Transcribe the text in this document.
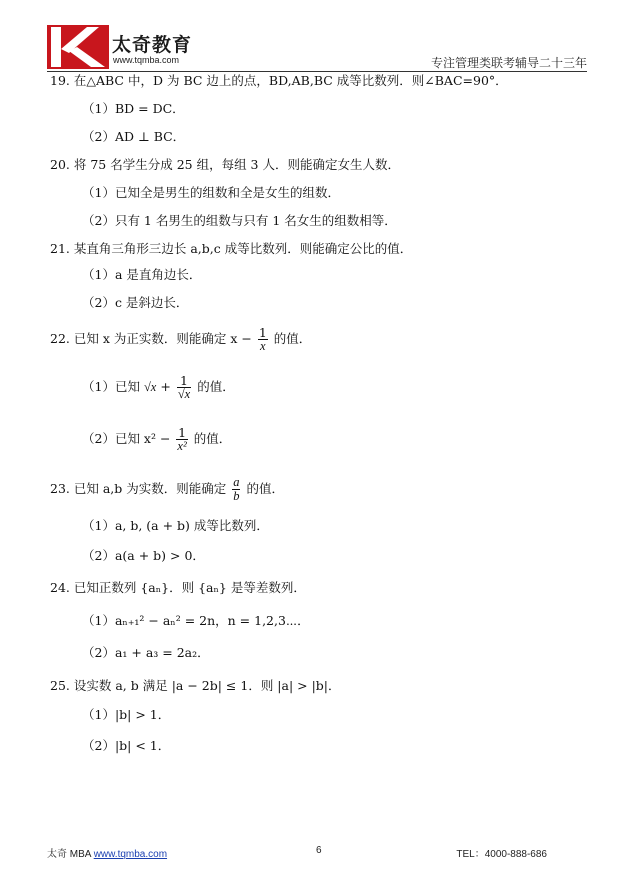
太奇教育
www.tqmba.com	专注管理类联考辅导二十三年
19. 在△ABC 中，D 为 BC 边上的点，BD,AB,BC 成等比数列．则∠BAC=90°．
（1）BD = DC．
（2）AD ⊥ BC．
20. 将 75 名学生分成 25 组，每组 3 人．则能确定女生人数．
（1）已知全是男生的组数和全是女生的组数．
（2）只有 1 名男生的组数与只有 1 名女生的组数相等．
21. 某直角三角形三边长 a,b,c 成等比数列．则能确定公比的值．
（1）a 是直角边长．
（2）c 是斜边长．
22. 已知 x 为正实数．则能确定 $x - \frac{1}{x}$ 的值．
（1）已知 $√x + \frac{1}{√x}$ 的值．
（2）已知 $x^2 - \frac{1}{\text{x²}}$ 的值．
23. 已知 a,b 为实数．则能确定 $\frac{a}{b}$ 的值．
（1）a, b, (a + b) 成等比数列．
（2）a(a + b) > 0．
24. 已知正数列 {aₙ}．则 {aₙ} 是等差数列．
（1）aₙ₊₁² − aₙ² = 2n，n = 1,2,3⋯．
（2）a₁ + a₃ = 2a₂．
25. 设实数 a, b 满足 |a − 2b| ≤ 1．则 |a| > |b|．
（1）|b| > 1．
（2）|b| < 1．
太奇 MBA www.tqmba.com	6	TEL：4000-888-686
